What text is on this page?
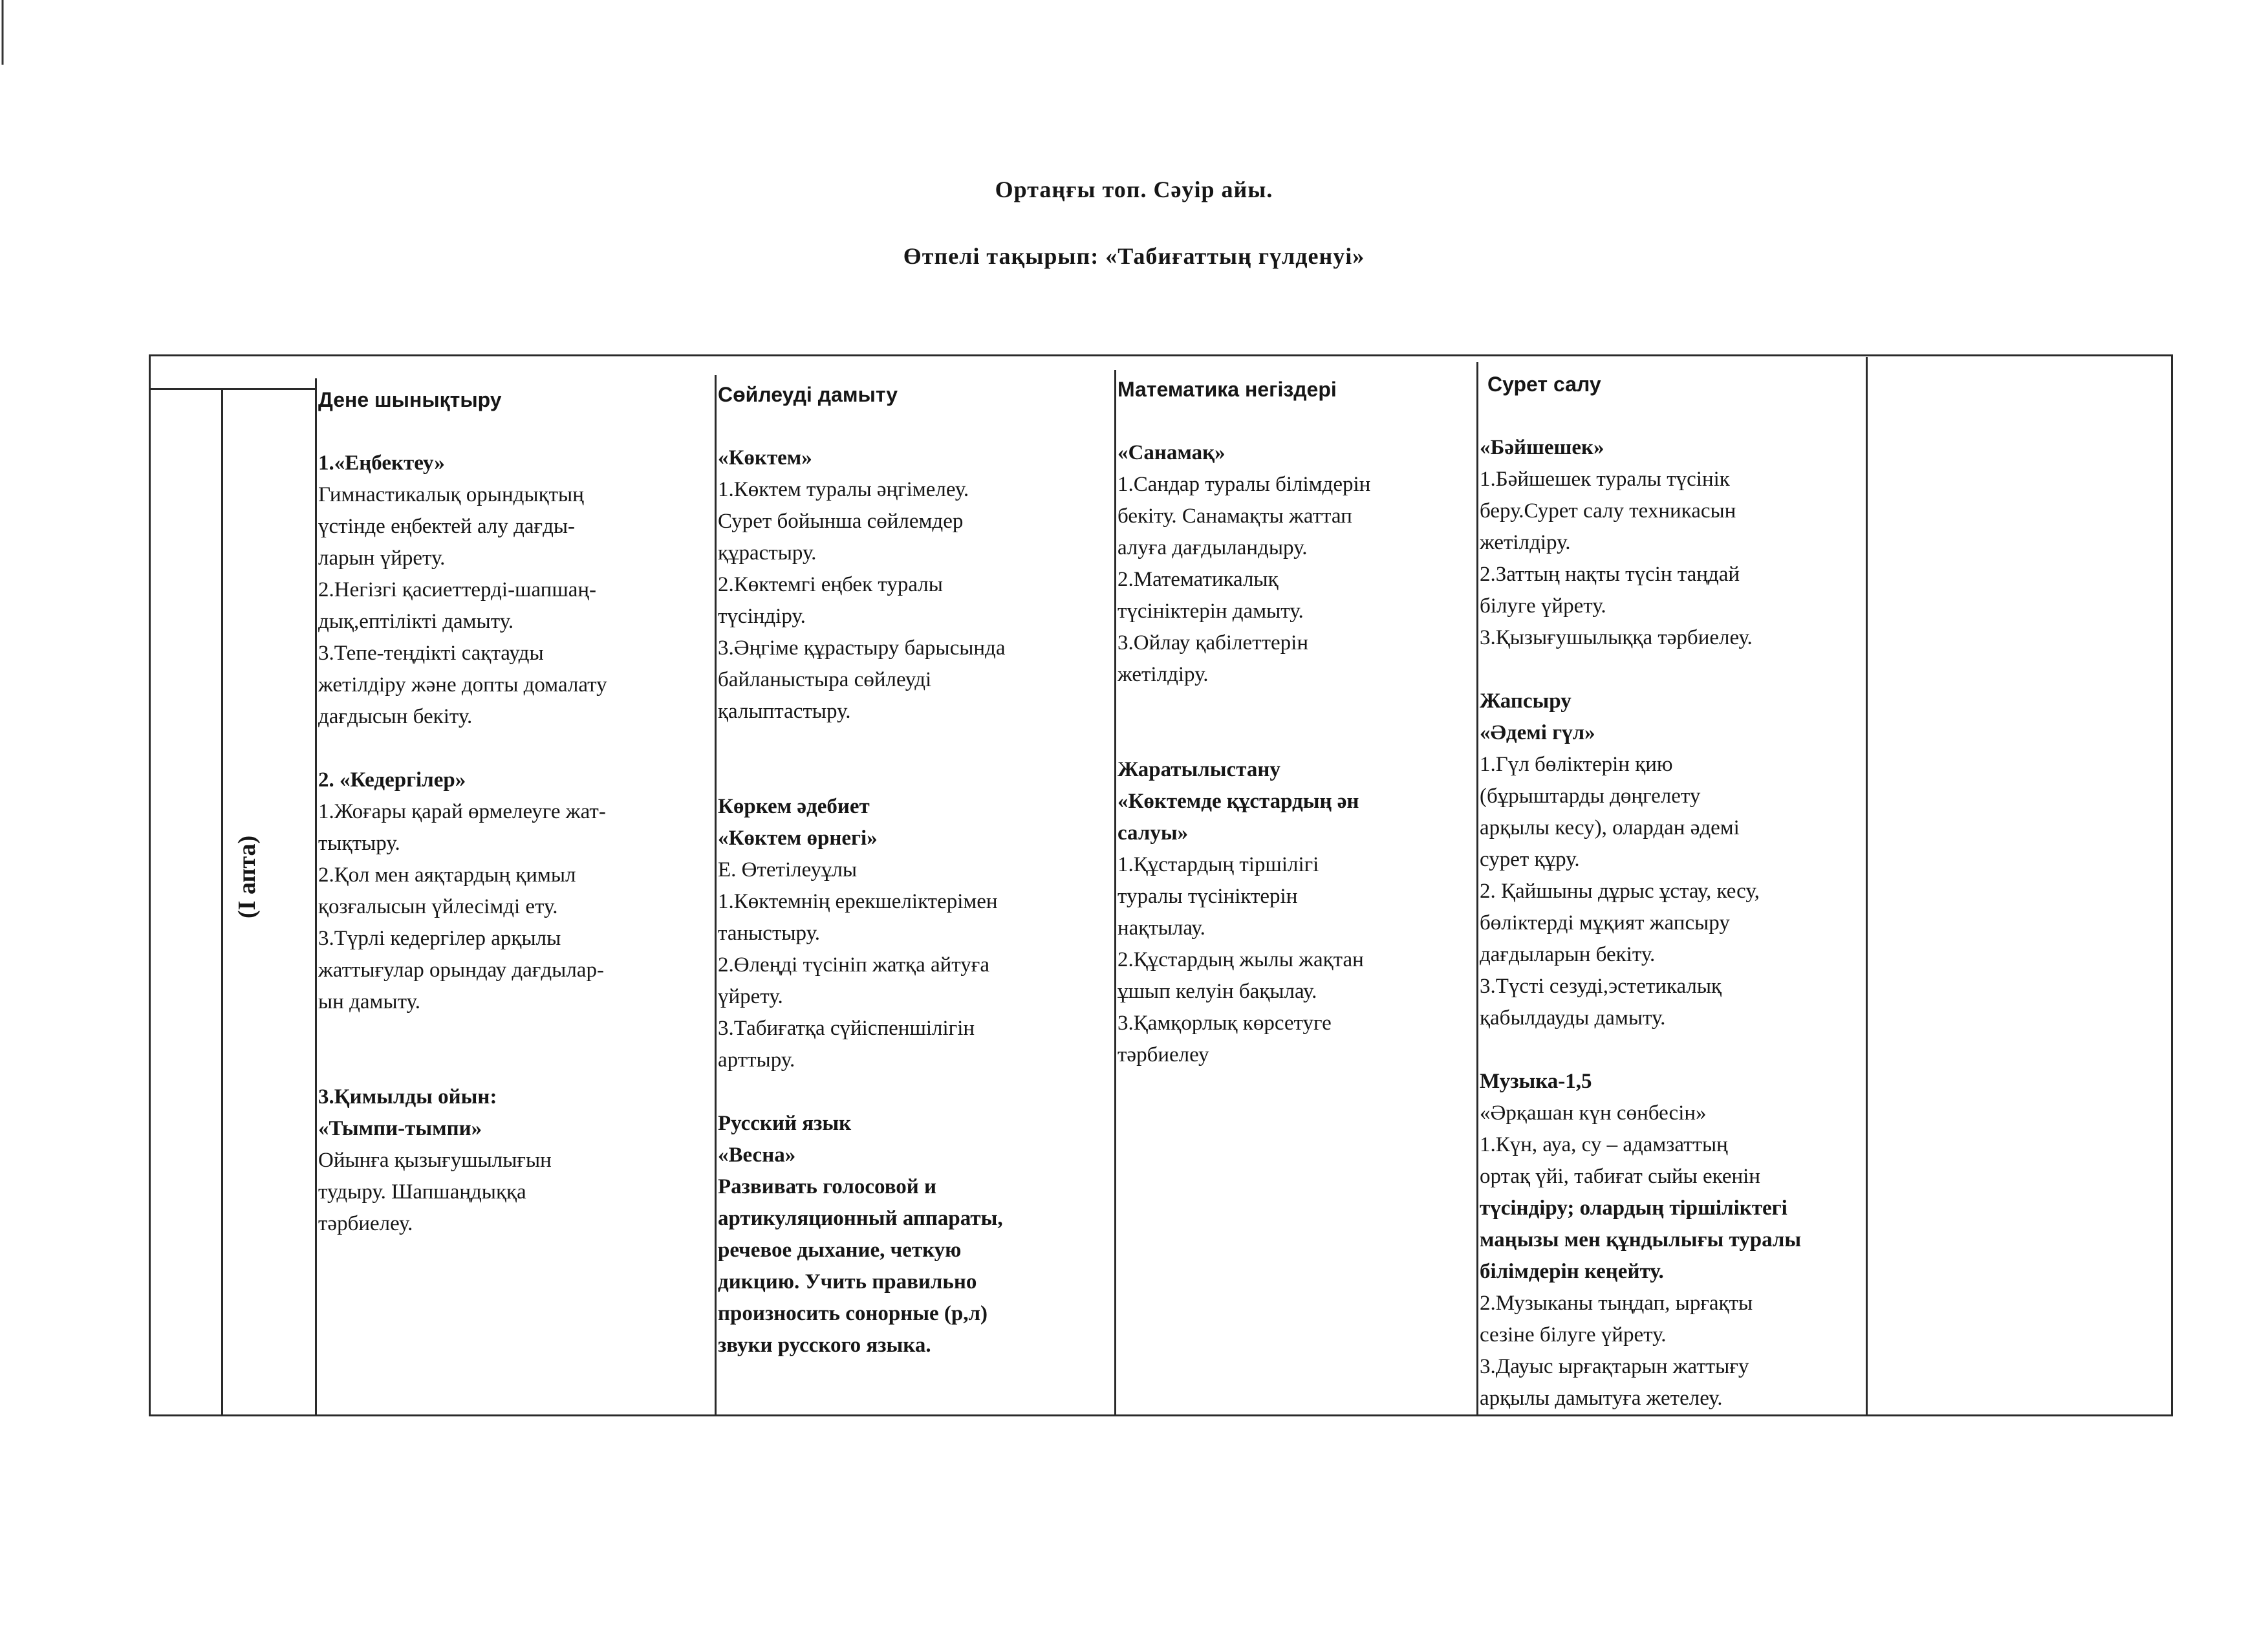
Ортаңғы топ. Сәуір айы.
Өтпелі тақырып: «Табиғаттың гүлденуі»
(І апта)

Дене шынықтыру

1.«Еңбектеу»

Гимнастикалық орындықтың

үстінде еңбектей алу дағды-

ларын үйрету.

2.Негізгі қасиеттерді-шапшаң-

дық,ептілікті дамыту.

3.Тепе-теңдікті сақтауды

жетілдіру және допты домалату

дағдысын бекіту.

2. «Кедергілер»

1.Жоғары қарай өрмелеуге жат-

тықтыру.

2.Қол мен аяқтардың қимыл

қозғалысын үйлесімді ету.

3.Түрлі кедергілер арқылы

жаттығулар орындау дағдылар-

ын дамыту.

3.Қимылды ойын:

«Тымпи-тымпи»

Ойынға қызығушылығын

тудыру. Шапшаңдыққа

тәрбиелеу.

Сөйлеуді дамыту

«Көктем»

1.Көктем туралы әңгімелеу.

Сурет бойынша сөйлемдер

құрастыру.

2.Көктемгі еңбек туралы

түсіндіру.

3.Әңгіме құрастыру барысында

байланыстыра сөйлеуді

қалыптастыру.

Көркем әдебиет

«Көктем өрнегі»

Е. Өтетілеуұлы

1.Көктемнің ерекшеліктерімен

таныстыру.

2.Өлеңді түсініп жатқа айтуға

үйрету.

3.Табиғатқа сүйіспеншілігін

арттыру.

Русский язык

«Весна»

Развивать голосовой и

артикуляционный аппараты,

речевое дыхание, четкую

дикцию. Учить правильно

произносить сонорные (р,л)

звуки русского языка.

Математика негіздері

«Санамақ»

1.Сандар туралы білімдерін

бекіту. Санамақты жаттап

алуға дағдыландыру.

2.Математикалық

түсініктерін дамыту.

3.Ойлау қабілеттерін

жетілдіру.

Жаратылыстану

«Көктемде құстардың ән

салуы»

1.Құстардың тіршілігі

туралы түсініктерін

нақтылау.

2.Құстардың жылы жақтан

ұшып келуін бақылау.

3.Қамқорлық көрсетуге

тәрбиелеу

Сурет салу

«Бәйшешек»

1.Бәйшешек туралы түсінік

беру.Сурет салу техникасын

жетілдіру.

2.Заттың нақты түсін таңдай

білуге үйрету.

3.Қызығушылыққа тәрбиелеу.

Жапсыру

«Әдемі гүл»

1.Гүл бөліктерін қию

(бұрыштарды дөңгелету

арқылы кесу), олардан әдемі

сурет құру.

2. Қайшыны дұрыс ұстау, кесу,

бөліктерді мұқият жапсыру

дағдыларын бекіту.

3.Түсті сезуді,эстетикалық

қабылдауды дамыту.

Музыка-1,5

«Әрқашан күн сөнбесін»

1.Күн, ауа, су – адамзаттың

ортақ үйі, табиғат сыйы екенін

түсіндіру; олардың тіршіліктегі

маңызы мен құндылығы туралы

білімдерін кеңейту.

2.Музыканы тыңдап, ырғақты

сезіне білуге үйрету.

3.Дауыс ырғақтарын жаттығу

арқылы дамытуға жетелеу.
